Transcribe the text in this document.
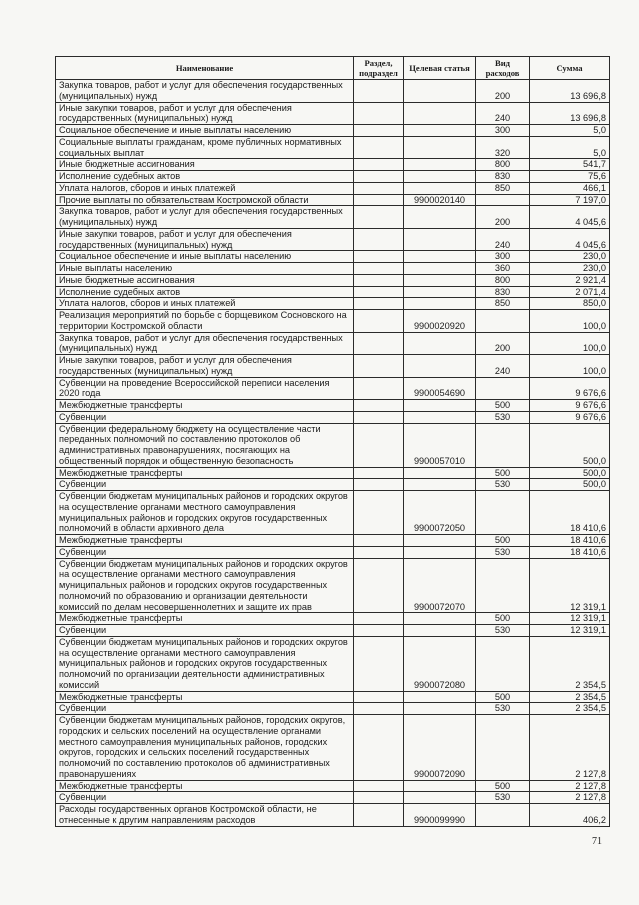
Наименование	Раздел, подраздел	Целевая статья	Вид расходов	Сумма
Закупка товаров, работ и услуг для обеспечения государственных (муниципальных) нужд			200	13 696,8
Иные закупки товаров, работ и услуг для обеспечения государственных (муниципальных) нужд			240	13 696,8
Социальное обеспечение и иные выплаты населению			300	5,0
Социальные выплаты гражданам, кроме публичных нормативных социальных выплат			320	5,0
Иные бюджетные ассигнования			800	541,7
Исполнение судебных актов			830	75,6
Уплата налогов, сборов и иных платежей			850	466,1
Прочие выплаты по обязательствам Костромской области		9900020140		7 197,0
Закупка товаров, работ и услуг для обеспечения государственных (муниципальных) нужд			200	4 045,6
Иные закупки товаров, работ и услуг для обеспечения государственных (муниципальных) нужд			240	4 045,6
Социальное обеспечение и иные выплаты населению			300	230,0
Иные выплаты населению			360	230,0
Иные бюджетные ассигнования			800	2 921,4
Исполнение судебных актов			830	2 071,4
Уплата налогов, сборов и иных платежей			850	850,0
Реализация мероприятий по борьбе с борщевиком Сосновского на территории Костромской области		9900020920		100,0
Закупка товаров, работ и услуг для обеспечения государственных (муниципальных) нужд			200	100,0
Иные закупки товаров, работ и услуг для обеспечения государственных (муниципальных) нужд			240	100,0
Субвенции на проведение Всероссийской переписи населения 2020 года		9900054690		9 676,6
Межбюджетные трансферты			500	9 676,6
Субвенции			530	9 676,6
Субвенции федеральному бюджету на осуществление части переданных полномочий по составлению протоколов об административных правонарушениях, посягающих на общественный порядок и общественную безопасность		9900057010		500,0
Межбюджетные трансферты			500	500,0
Субвенции			530	500,0
Субвенции бюджетам муниципальных районов и городских округов на осуществление органами местного самоуправления муниципальных районов и городских округов государственных полномочий в области архивного дела		9900072050		18 410,6
Межбюджетные трансферты			500	18 410,6
Субвенции			530	18 410,6
Субвенции бюджетам муниципальных районов и городских округов на осуществление органами местного самоуправления муниципальных районов и городских округов государственных полномочий по образованию и организации деятельности комиссий по делам несовершеннолетних и защите их прав		9900072070		12 319,1
Межбюджетные трансферты			500	12 319,1
Субвенции			530	12 319,1
Субвенции бюджетам муниципальных районов и городских округов на осуществление органами местного самоуправления муниципальных районов и городских округов государственных полномочий по организации деятельности административных комиссий		9900072080		2 354,5
Межбюджетные трансферты			500	2 354,5
Субвенции			530	2 354,5
Субвенции бюджетам муниципальных районов, городских округов, городских и сельских поселений на осуществление органами местного самоуправления муниципальных районов, городских округов, городских и сельских поселений государственных полномочий по составлению протоколов об административных правонарушениях		9900072090		2 127,8
Межбюджетные трансферты			500	2 127,8
Субвенции			530	2 127,8
Расходы государственных органов Костромской области, не отнесенные к другим направлениям расходов		9900099990		406,2
71
